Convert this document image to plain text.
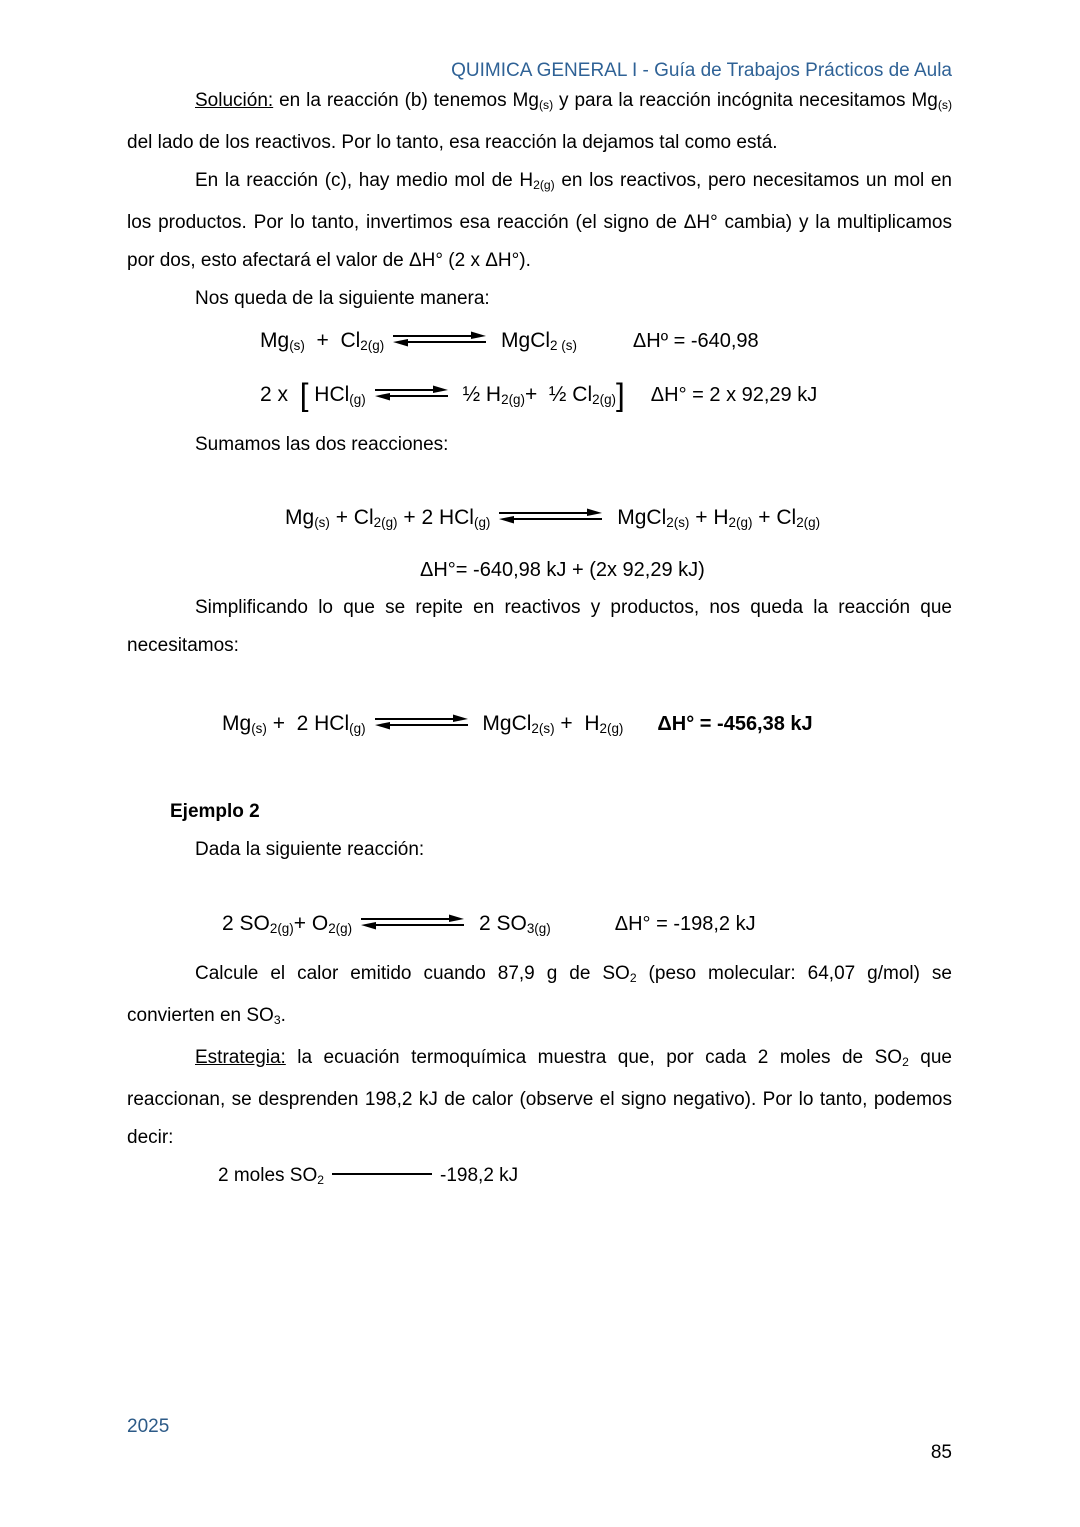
QUIMICA GENERAL I - Guía de Trabajos Prácticos de Aula

Solución: en la reacción (b) tenemos $Mg_{(s)}$ y para la reacción incógnita necesitamos $Mg_{(s)}$ del lado de los reactivos. Por lo tanto, esa reacción la dejamos tal como está.

En la reacción (c), hay medio mol de $H_{2(g)}$ en los reactivos, pero necesitamos un mol en los productos. Por lo tanto, invertimos esa reacción (el signo de ΔH° cambia) y la multiplicamos por dos, esto afectará el valor de ΔH° (2 x ΔH°).

Nos queda de la siguiente manera:

$Mg_{(s)} + Cl_{2(g)}$	MgCl$_{2 (s)}$	ΔHº = -640,98
2 x  [ HCl$_{(g)}$ ⇌ ½ $H_{2(g)}+$  ½ $Cl_{2(g)}$] ΔH° = 2 x 92,29 kJ

Sumamos las dos reacciones:

$Mg_{(s)} + Cl_{2(g)} + 2$ HCl$_{(g)}$	MgCl$_{2(s)}$ + $H_{2(g)} + Cl_{2(g)}$
ΔH°= -640,98 kJ + (2x 92,29 kJ)

Simplificando lo que se repite en reactivos y productos, nos queda la reacción que necesitamos:

$Mg_{(s)} + 2$ HCl$_{(g)}$	MgCl$_{2(s)}$ +  $H_{2(g)}$ ΔH° = -456,38 kJ
Ejemplo 2

Dada la siguiente reacción:

2 $SO_{2(g)}+ O_{2(g)}$	2 $SO_{3(g)}$	ΔH° = -198,2 kJ

Calcule el calor emitido cuando 87,9 g de $SO_2$ (peso molecular: 64,07 g/mol) se convierten en $SO_3$.

Estrategia: la ecuación termoquímica muestra que, por cada 2 moles de $SO_2$ que reaccionan, se desprenden 198,2 kJ de calor (observe el signo negativo). Por lo tanto, podemos decir:

2 moles $SO_2$	-198,2 kJ

2025
85
